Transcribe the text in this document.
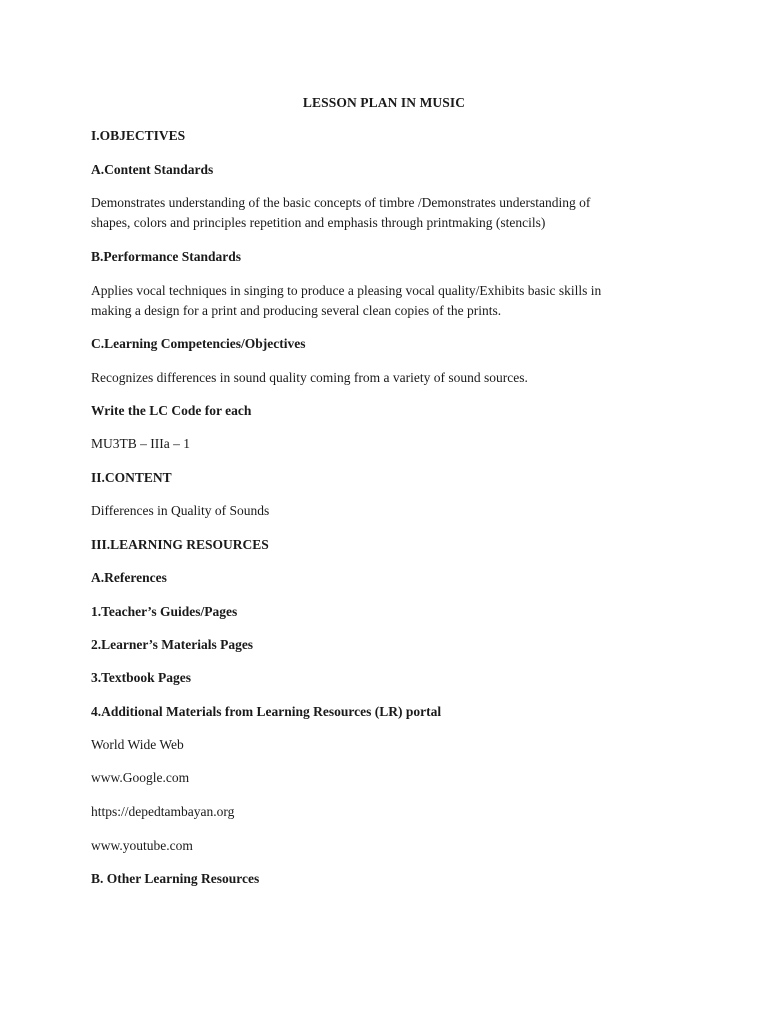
LESSON PLAN IN MUSIC
I.OBJECTIVES
A.Content Standards
Demonstrates understanding of the basic concepts of timbre /Demonstrates understanding of
shapes, colors and principles repetition and emphasis through printmaking (stencils)
B.Performance Standards
Applies vocal techniques in singing to produce a pleasing vocal quality/Exhibits basic skills in
making a design for a print and producing several clean copies of the prints.
C.Learning Competencies/Objectives
Recognizes differences in sound quality coming from a variety of sound sources.
Write the LC Code for each
MU3TB – IIIa – 1
II.CONTENT
Differences in Quality of Sounds
III.LEARNING RESOURCES
A.References
1.Teacher’s Guides/Pages
2.Learner’s Materials Pages
3.Textbook Pages
4.Additional Materials from Learning Resources (LR) portal
World Wide Web
www.Google.com
https://depedtambayan.org
www.youtube.com
B. Other Learning Resources
